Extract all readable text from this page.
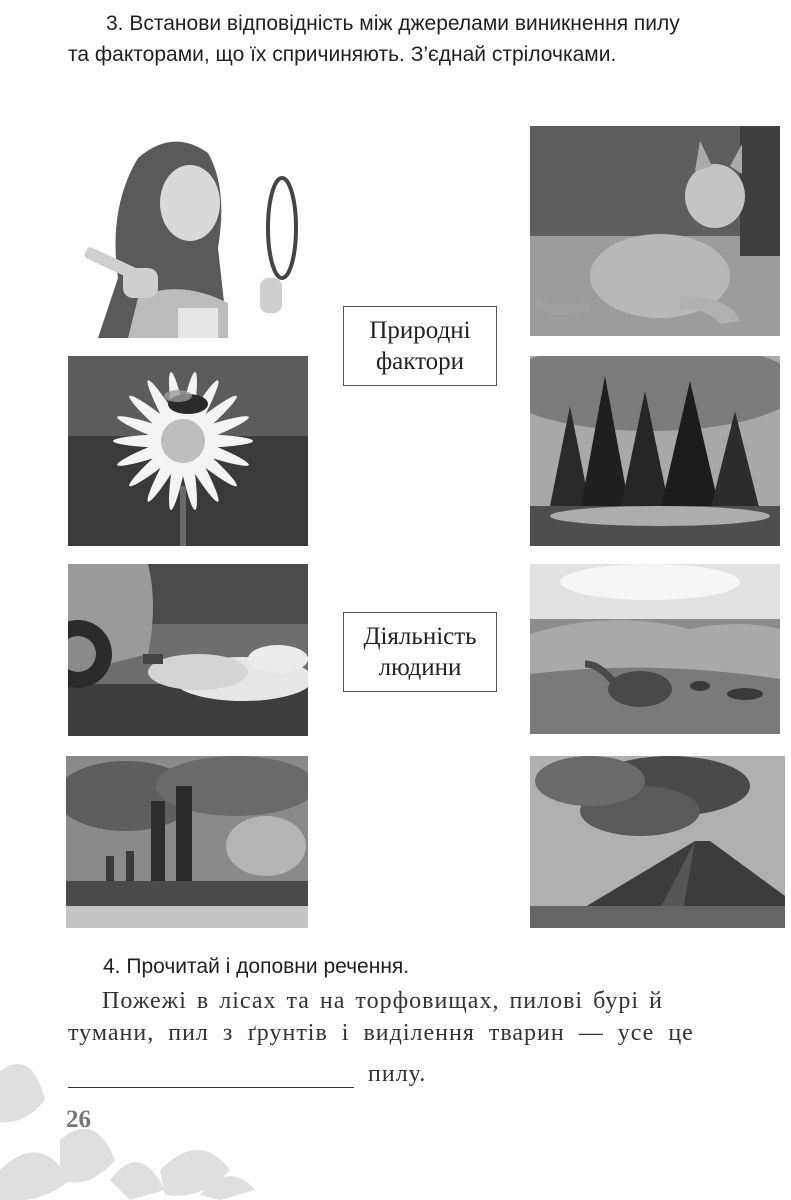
3. Встанови відповідність між джерелами виникнення пилу
та факторами, що їх спричиняють. З’єднай стрілочками.
Природні
фактори
Діяльність
людини
4. Прочитай і доповни речення.
Пожежі в лісах та на торфовищах, пилові бурі й
тумани, пил з ґрунтів і виділення тварин — усе це
пилу.
26
